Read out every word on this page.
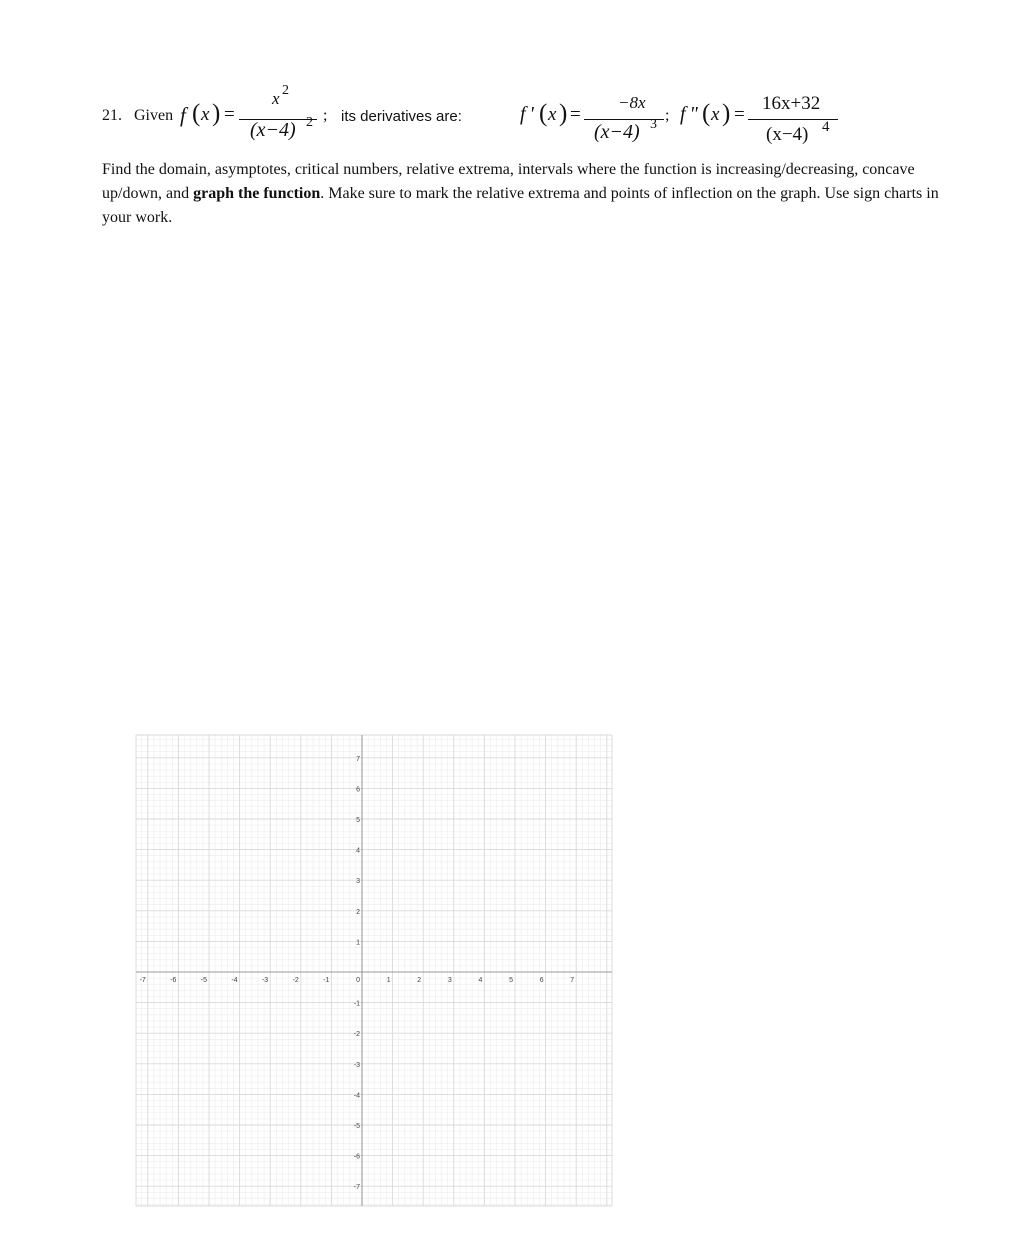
21. Given f ( x ) =
x 2
(x−4) 2 ; its derivatives are:	f ' ( x ) =
−8x
(x−4) 3
; f " ( x ) =
16x+32
(x−4) 4
Find the domain, asymptotes, critical numbers, relative extrema, intervals where the function is increasing/decreasing, concave up/down, and graph the function. Make sure to mark the relative extrema and points of inflection on the graph. Use sign charts in your work.
-7	-6	-5	-4	-3	-2	-1	0	1	2	3	4	5	6	7
7
6
5
4
3
2
1
-1
-2
-3
-4
-5
-6
-7
